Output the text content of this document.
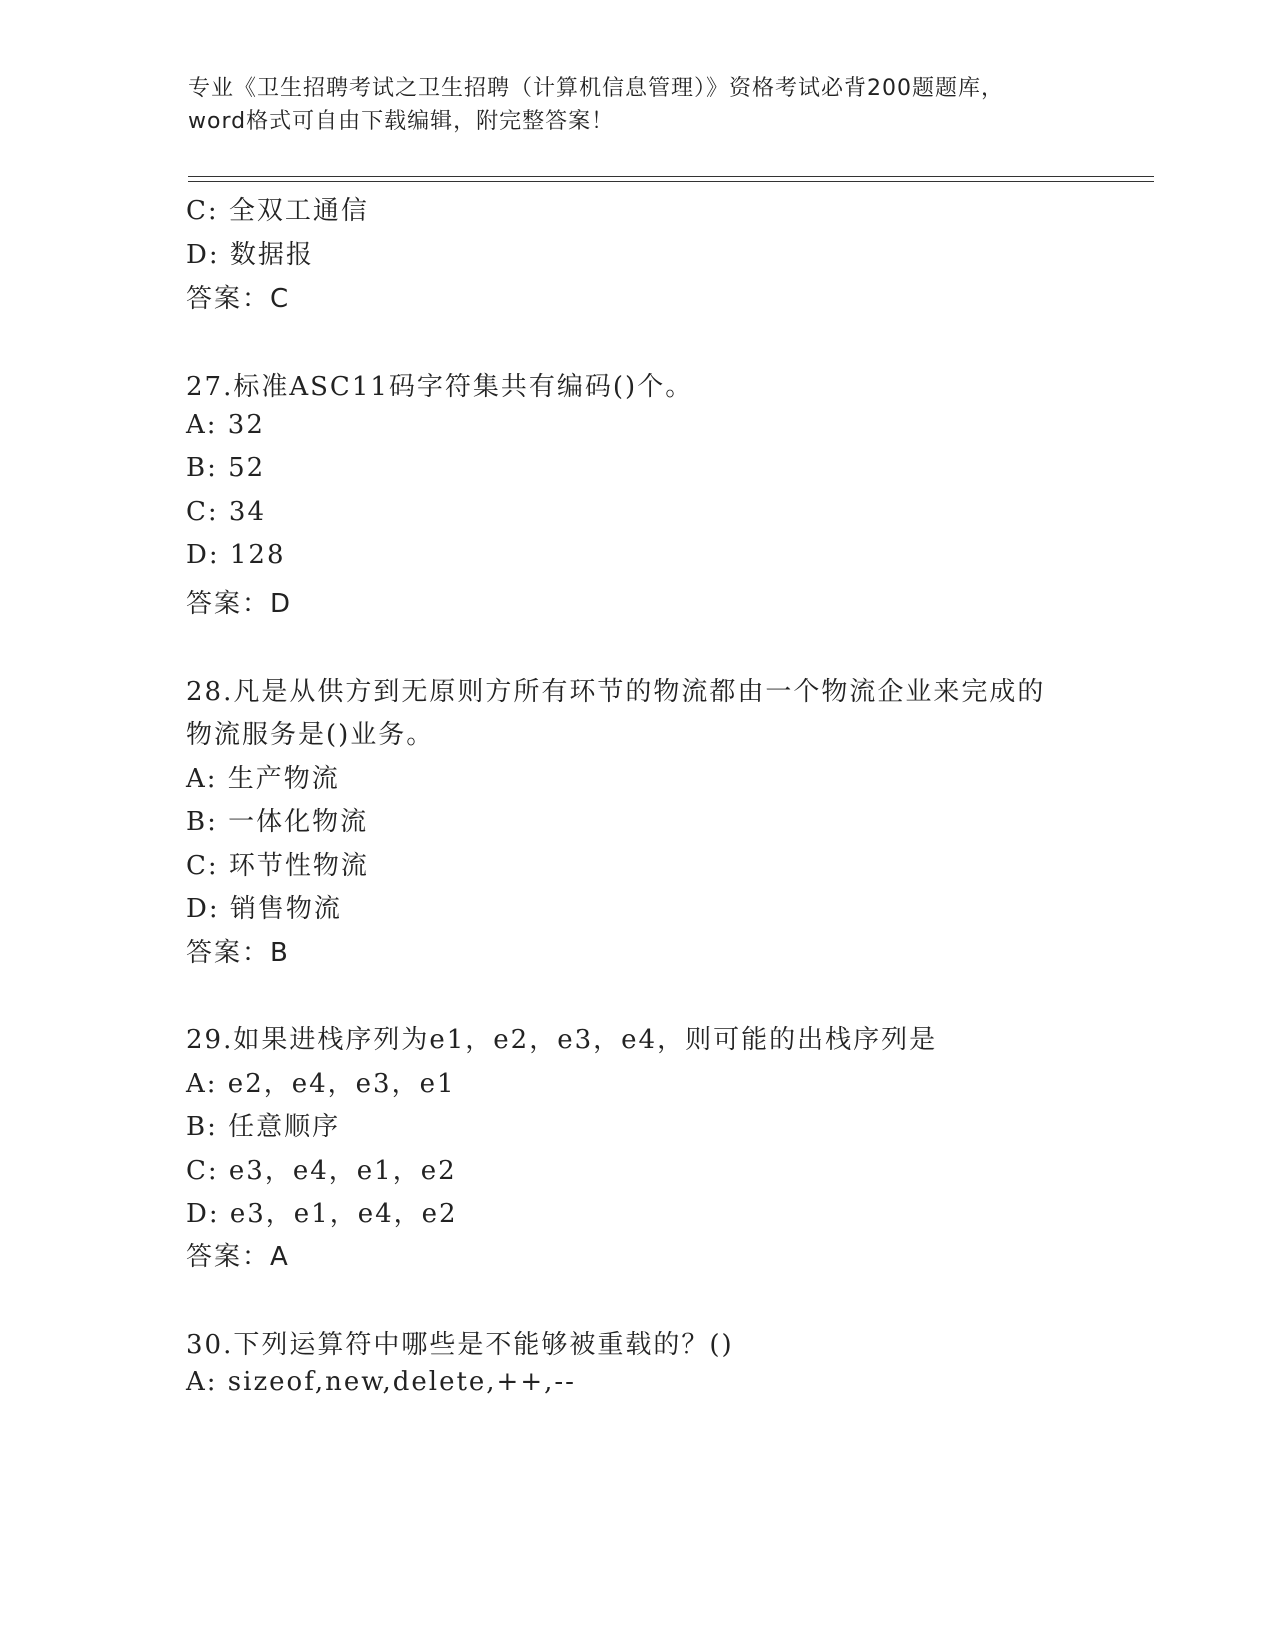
专业《卫生招聘考试之卫生招聘（计算机信息管理）》资格考试必背200题题库，
word格式可自由下载编辑，附完整答案！
C: 全双工通信
D: 数据报
答案：C
27.标准ASC11码字符集共有编码()个。
A: 32
B: 52
C: 34
D: 128
答案：D
28.凡是从供方到无原则方所有环节的物流都由一个物流企业来完成的
物流服务是()业务。
A: 生产物流
B: 一体化物流
C: 环节性物流
D: 销售物流
答案：B
29.如果进栈序列为e1，e2，e3，e4，则可能的出栈序列是
A: e2，e4，e3，e1
B: 任意顺序
C: e3，e4，e1，e2
D: e3，e1，e4，e2
答案：A
30.下列运算符中哪些是不能够被重载的？()
A: sizeof,new,delete,++,--
